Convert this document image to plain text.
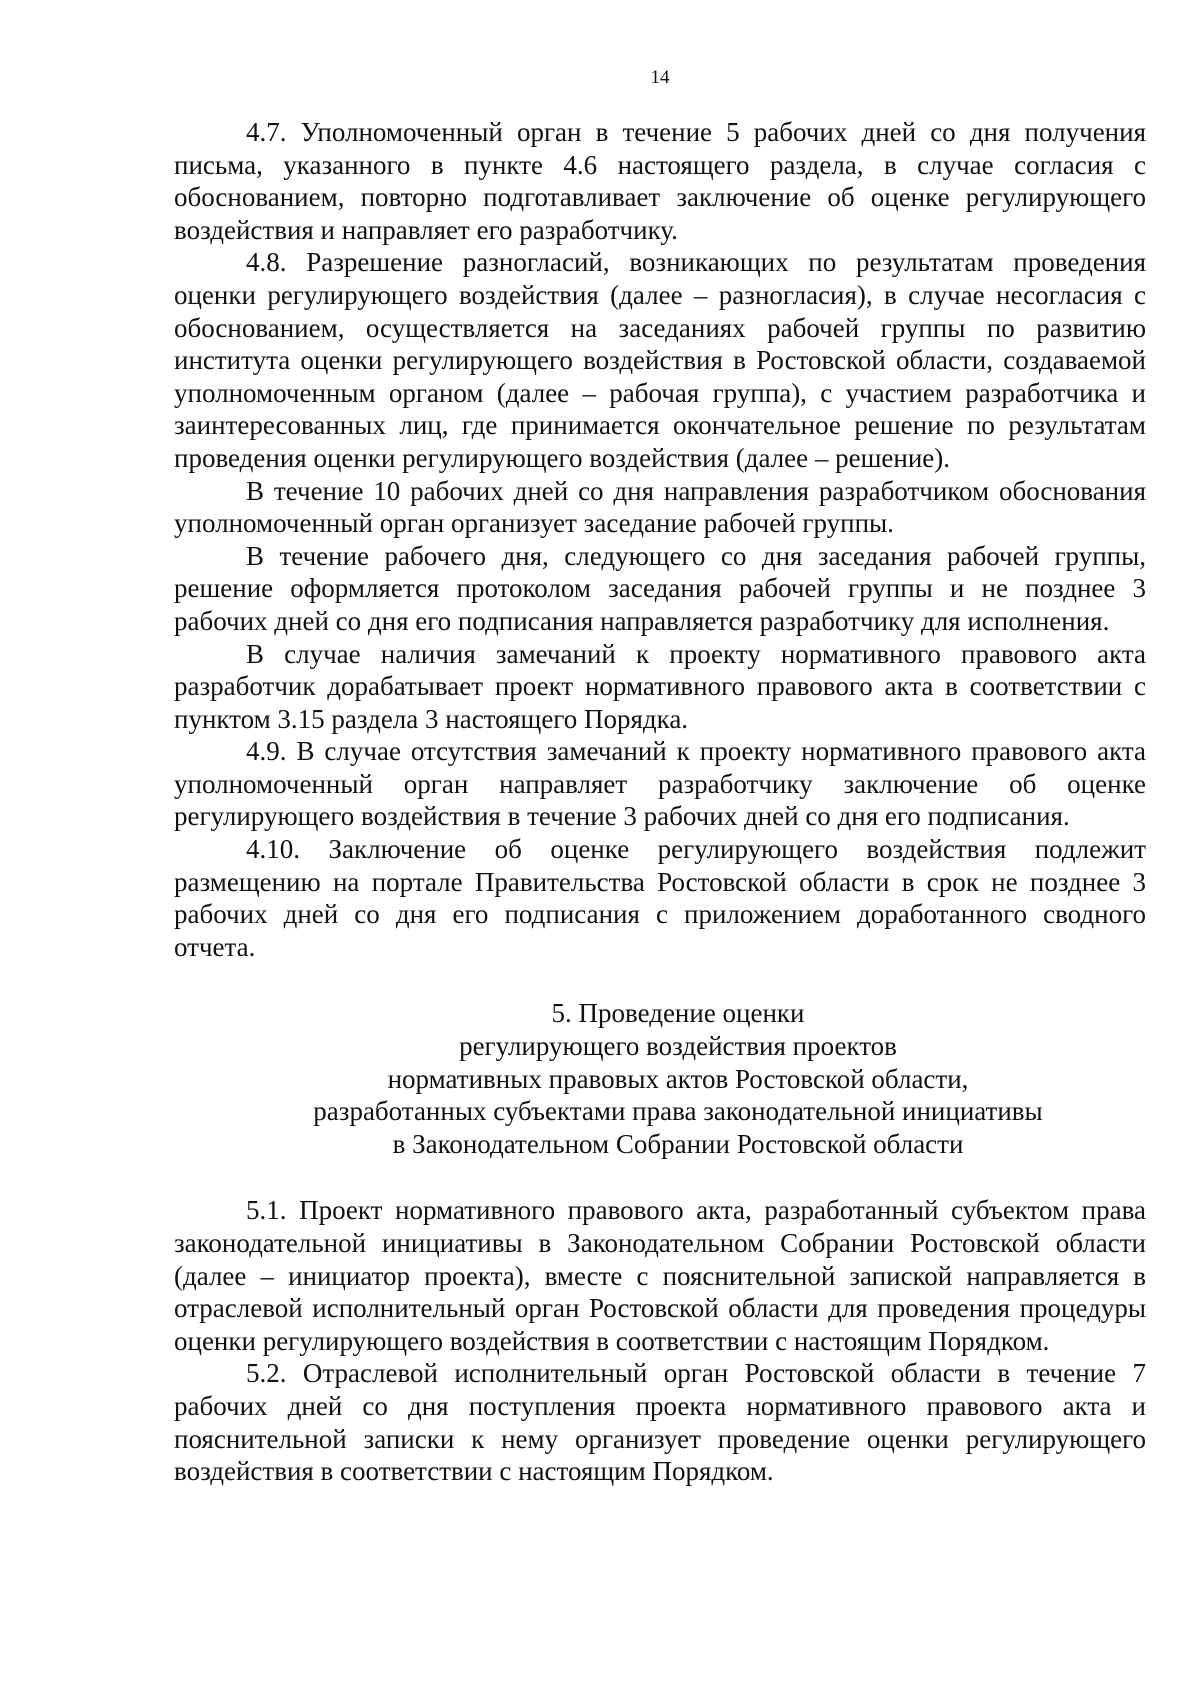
14

4.7. Уполномоченный орган в течение 5 рабочих дней со дня получения письма, указанного в пункте 4.6 настоящего раздела, в случае согласия с обоснованием, повторно подготавливает заключение об оценке регулирующего воздействия и направляет его разработчику.

4.8. Разрешение разногласий, возникающих по результатам проведения оценки регулирующего воздействия (далее – разногласия), в случае несогласия с обоснованием, осуществляется на заседаниях рабочей группы по развитию института оценки регулирующего воздействия в Ростовской области, создаваемой уполномоченным органом (далее – рабочая группа), с участием разработчика и заинтересованных лиц, где принимается окончательное решение по результатам проведения оценки регулирующего воздействия (далее – решение).

В течение 10 рабочих дней со дня направления разработчиком обоснования уполномоченный орган организует заседание рабочей группы.

В течение рабочего дня, следующего со дня заседания рабочей группы, решение оформляется протоколом заседания рабочей группы и не позднее 3 рабочих дней со дня его подписания направляется разработчику для исполнения.

В случае наличия замечаний к проекту нормативного правового акта разработчик дорабатывает проект нормативного правового акта в соответствии с пунктом 3.15 раздела 3 настоящего Порядка.

4.9. В случае отсутствия замечаний к проекту нормативного правового акта уполномоченный орган направляет разработчику заключение об оценке регулирующего воздействия в течение 3 рабочих дней со дня его подписания.

4.10. Заключение об оценке регулирующего воздействия подлежит размещению на портале Правительства Ростовской области в срок не позднее 3 рабочих дней со дня его подписания с приложением доработанного сводного отчета.

5. Проведение оценки
регулирующего воздействия проектов
нормативных правовых актов Ростовской области,
разработанных субъектами права законодательной инициативы
в Законодательном Собрании Ростовской области

5.1. Проект нормативного правового акта, разработанный субъектом права законодательной инициативы в Законодательном Собрании Ростовской области (далее – инициатор проекта), вместе с пояснительной запиской направляется в отраслевой исполнительный орган Ростовской области для проведения процедуры оценки регулирующего воздействия в соответствии с настоящим Порядком.

5.2. Отраслевой исполнительный орган Ростовской области в течение 7 рабочих дней со дня поступления проекта нормативного правового акта и пояснительной записки к нему организует проведение оценки регулирующего воздействия в соответствии с настоящим Порядком.
